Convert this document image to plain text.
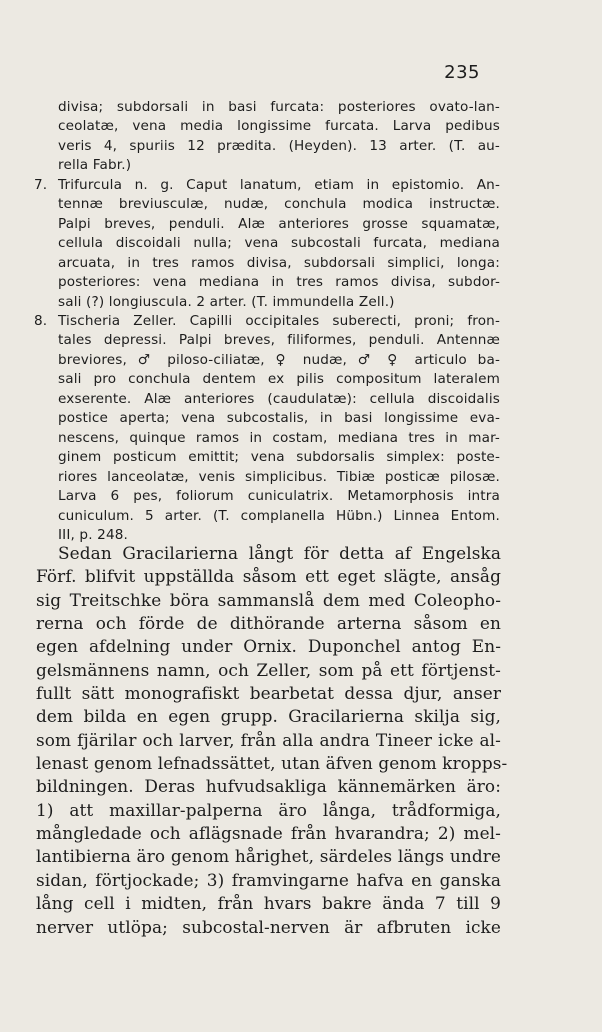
235
divisa; subdorsali in basi furcata: posteriores ovato-lan-
ceolatæ, vena media longissime furcata. Larva pedibus
veris 4, spuriis 12 prædita. (Heyden). 13 arter. (T. au-
rella Fabr.)
7. Trifurcula n. g. Caput lanatum, etiam in epistomio. An-
tennæ breviusculæ, nudæ, conchula modica instructæ.
Palpi breves, penduli. Alæ anteriores grosse squamatæ,
cellula discoidali nulla; vena subcostali furcata, mediana
arcuata, in tres ramos divisa, subdorsali simplici, longa:
posteriores: vena mediana in tres ramos divisa, subdor-
sali (?) longiuscula. 2 arter. (T. immundella Zell.)
8. Tischeria Zeller. Capilli occipitales suberecti, proni; fron-
tales depressi. Palpi breves, filiformes, penduli. Antennæ
breviores, ♂ piloso-ciliatæ, ♀ nudæ, ♂ ♀ articulo ba-
sali pro conchula dentem ex pilis compositum lateralem
exserente. Alæ anteriores (caudulatæ): cellula discoidalis
postice aperta; vena subcostalis, in basi longissime eva-
nescens, quinque ramos in costam, mediana tres in mar-
ginem posticum emittit; vena subdorsalis simplex: poste-
riores lanceolatæ, venis simplicibus. Tibiæ posticæ pilosæ.
Larva 6 pes, foliorum cuniculatrix. Metamorphosis intra
cuniculum. 5 arter. (T. complanella Hübn.) Linnea Entom.
III, p. 248.
Sedan Gracilarierna långt för detta af Engelska
Förf. blifvit uppställda såsom ett eget slägte, ansåg
sig Treitschke böra sammanslå dem med Coleopho-
rerna och förde de dithörande arterna såsom en
egen afdelning under Ornix. Duponchel antog En-
gelsmännens namn, och Zeller, som på ett förtjenst-
fullt sätt monografiskt bearbetat dessa djur, anser
dem bilda en egen grupp. Gracilarierna skilja sig,
som fjärilar och larver, från alla andra Tineer icke al-
lenast genom lefnadssättet, utan äfven genom kropps-
bildningen. Deras hufvudsakliga kännemärken äro:
1) att maxillar-palperna äro långa, trådformiga,
mångledade och aflägsnade från hvarandra; 2) mel-
lantibierna äro genom hårighet, särdeles längs undre
sidan, förtjockade; 3) framvingarne hafva en ganska
lång cell i midten, från hvars bakre ända 7 till 9
nerver utlöpa; subcostal-nerven är afbruten icke
